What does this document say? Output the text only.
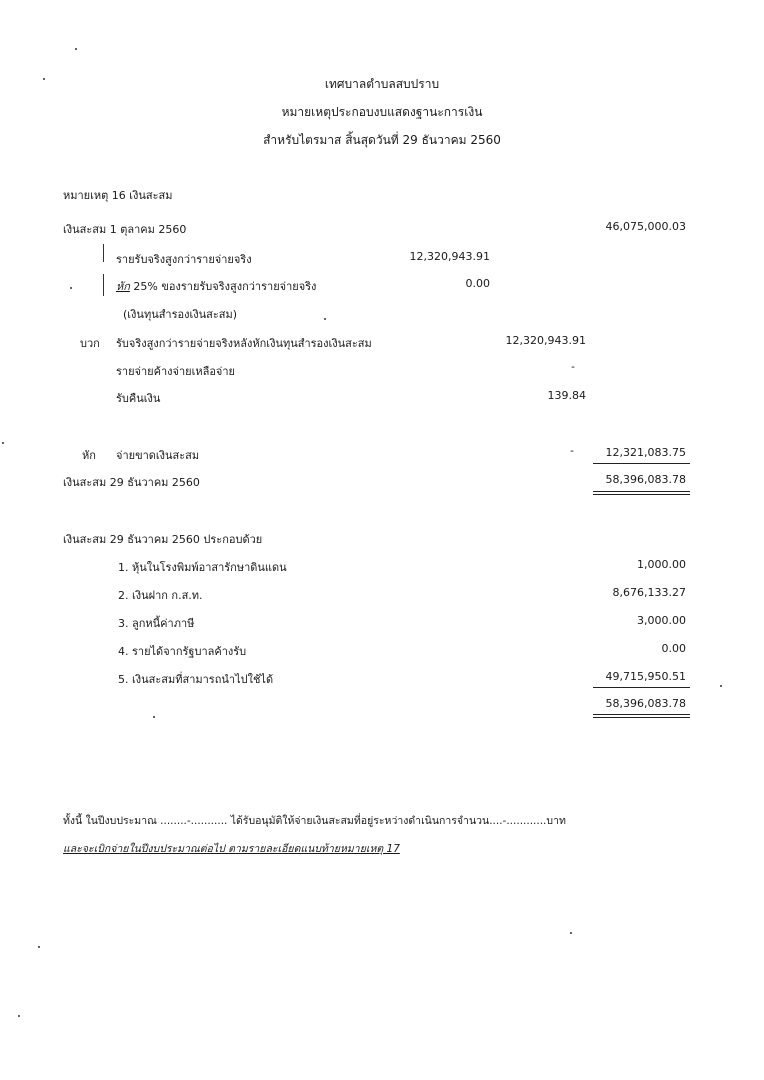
เทศบาลตำบลสบปราบ
หมายเหตุประกอบงบแสดงฐานะการเงิน
สำหรับไตรมาส สิ้นสุดวันที่ 29 ธันวาคม 2560
หมายเหตุ 16 เงินสะสม
เงินสะสม 1 ตุลาคม 2560	46,075,000.03
รายรับจริงสูงกว่ารายจ่ายจริง	12,320,943.91
หัก 25% ของรายรับจริงสูงกว่ารายจ่ายจริง	0.00
(เงินทุนสำรองเงินสะสม)
บวก รับจริงสูงกว่ารายจ่ายจริงหลังหักเงินทุนสำรองเงินสะสม	12,320,943.91
รายจ่ายค้างจ่ายเหลือจ่าย	-
รับคืนเงิน	139.84
หัก จ่ายขาดเงินสะสม	-	12,321,083.75
เงินสะสม 29 ธันวาคม 2560	58,396,083.78
เงินสะสม 29 ธันวาคม 2560 ประกอบด้วย
1. หุ้นในโรงพิมพ์อาสารักษาดินแดน	1,000.00
2. เงินฝาก ก.ส.ท.	8,676,133.27
3. ลูกหนี้ค่าภาษี	3,000.00
4. รายได้จากรัฐบาลค้างรับ	0.00
5. เงินสะสมที่สามารถนำไปใช้ได้	49,715,950.51
58,396,083.78
ทั้งนี้ ในปีงบประมาณ ........-........... ได้รับอนุมัติให้จ่ายเงินสะสมที่อยู่ระหว่างดำเนินการจำนวน....-............บาท
และจะเบิกจ่ายในปีงบประมาณต่อไป ตามรายละเอียดแนบท้ายหมายเหตุ 17
